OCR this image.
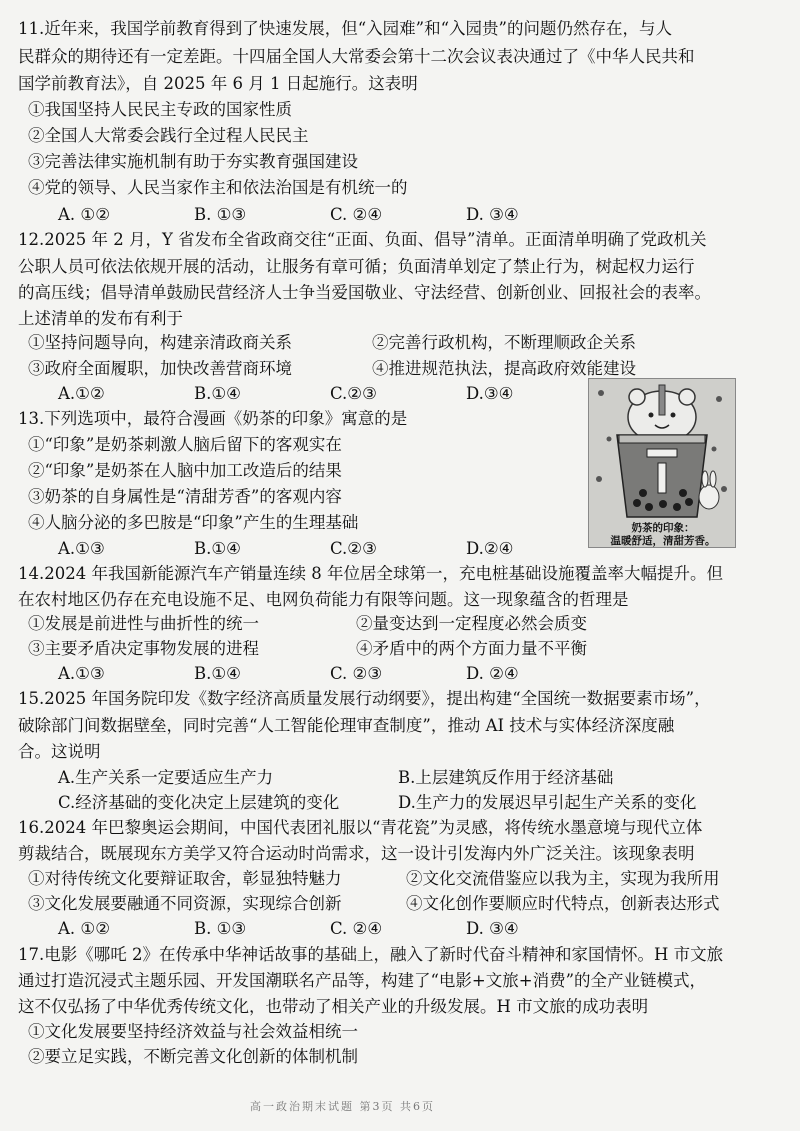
11.近年来，我国学前教育得到了快速发展，但“入园难”和“入园贵”的问题仍然存在，与人
民群众的期待还有一定差距。十四届全国人大常委会第十二次会议表决通过了《中华人民共和
国学前教育法》，自 2025 年 6 月 1 日起施行。这表明
①我国坚持人民民主专政的国家性质
②全国人大常委会践行全过程人民民主
③完善法律实施机制有助于夯实教育强国建设
④党的领导、人民当家作主和依法治国是有机统一的
A. ①②	B. ①③	C. ②④	D. ③④
12.2025 年 2 月，Y 省发布全省政商交往“正面、负面、倡导”清单。正面清单明确了党政机关
公职人员可依法依规开展的活动，让服务有章可循；负面清单划定了禁止行为，树起权力运行
的高压线；倡导清单鼓励民营经济人士争当爱国敬业、守法经营、创新创业、回报社会的表率。
上述清单的发布有利于
①坚持问题导向，构建亲清政商关系	②完善行政机构，不断理顺政企关系
③政府全面履职，加快改善营商环境	④推进规范执法，提高政府效能建设
A.①②	B.①④	C.②③	D.③④
13.下列选项中，最符合漫画《奶茶的印象》寓意的是
①“印象”是奶茶刺激人脑后留下的客观实在
②“印象”是奶茶在人脑中加工改造后的结果
③奶茶的自身属性是“清甜芳香”的客观内容
④人脑分泌的多巴胺是“印象”产生的生理基础
A.①③	B.①④	C.②③	D.②④
奶茶的印象：
温暖舒适，清甜芳香。
14.2024 年我国新能源汽车产销量连续 8 年位居全球第一，充电桩基础设施覆盖率大幅提升。但
在农村地区仍存在充电设施不足、电网负荷能力有限等问题。这一现象蕴含的哲理是
①发展是前进性与曲折性的统一	②量变达到一定程度必然会质变
③主要矛盾决定事物发展的进程	④矛盾中的两个方面力量不平衡
A.①③	B.①④	C. ②③	D. ②④
15.2025 年国务院印发《数字经济高质量发展行动纲要》，提出构建“全国统一数据要素市场”，
破除部门间数据壁垒，同时完善“人工智能伦理审查制度”，推动 AI 技术与实体经济深度融
合。这说明
A.生产关系一定要适应生产力	B.上层建筑反作用于经济基础
C.经济基础的变化决定上层建筑的变化	D.生产力的发展迟早引起生产关系的变化
16.2024 年巴黎奥运会期间，中国代表团礼服以“青花瓷”为灵感，将传统水墨意境与现代立体
剪裁结合，既展现东方美学又符合运动时尚需求，这一设计引发海内外广泛关注。该现象表明
①对待传统文化要辩证取舍，彰显独特魅力	②文化交流借鉴应以我为主，实现为我所用
③文化发展要融通不同资源，实现综合创新	④文化创作要顺应时代特点，创新表达形式
A. ①②	B. ①③	C. ②④	D. ③④
17.电影《哪吒 2》在传承中华神话故事的基础上，融入了新时代奋斗精神和家国情怀。H 市文旅
通过打造沉浸式主题乐园、开发国潮联名产品等，构建了“电影+文旅+消费”的全产业链模式，
这不仅弘扬了中华优秀传统文化，也带动了相关产业的升级发展。H 市文旅的成功表明
①文化发展要坚持经济效益与社会效益相统一
②要立足实践，不断完善文化创新的体制机制
高一政治期末试题 第3页 共6页
